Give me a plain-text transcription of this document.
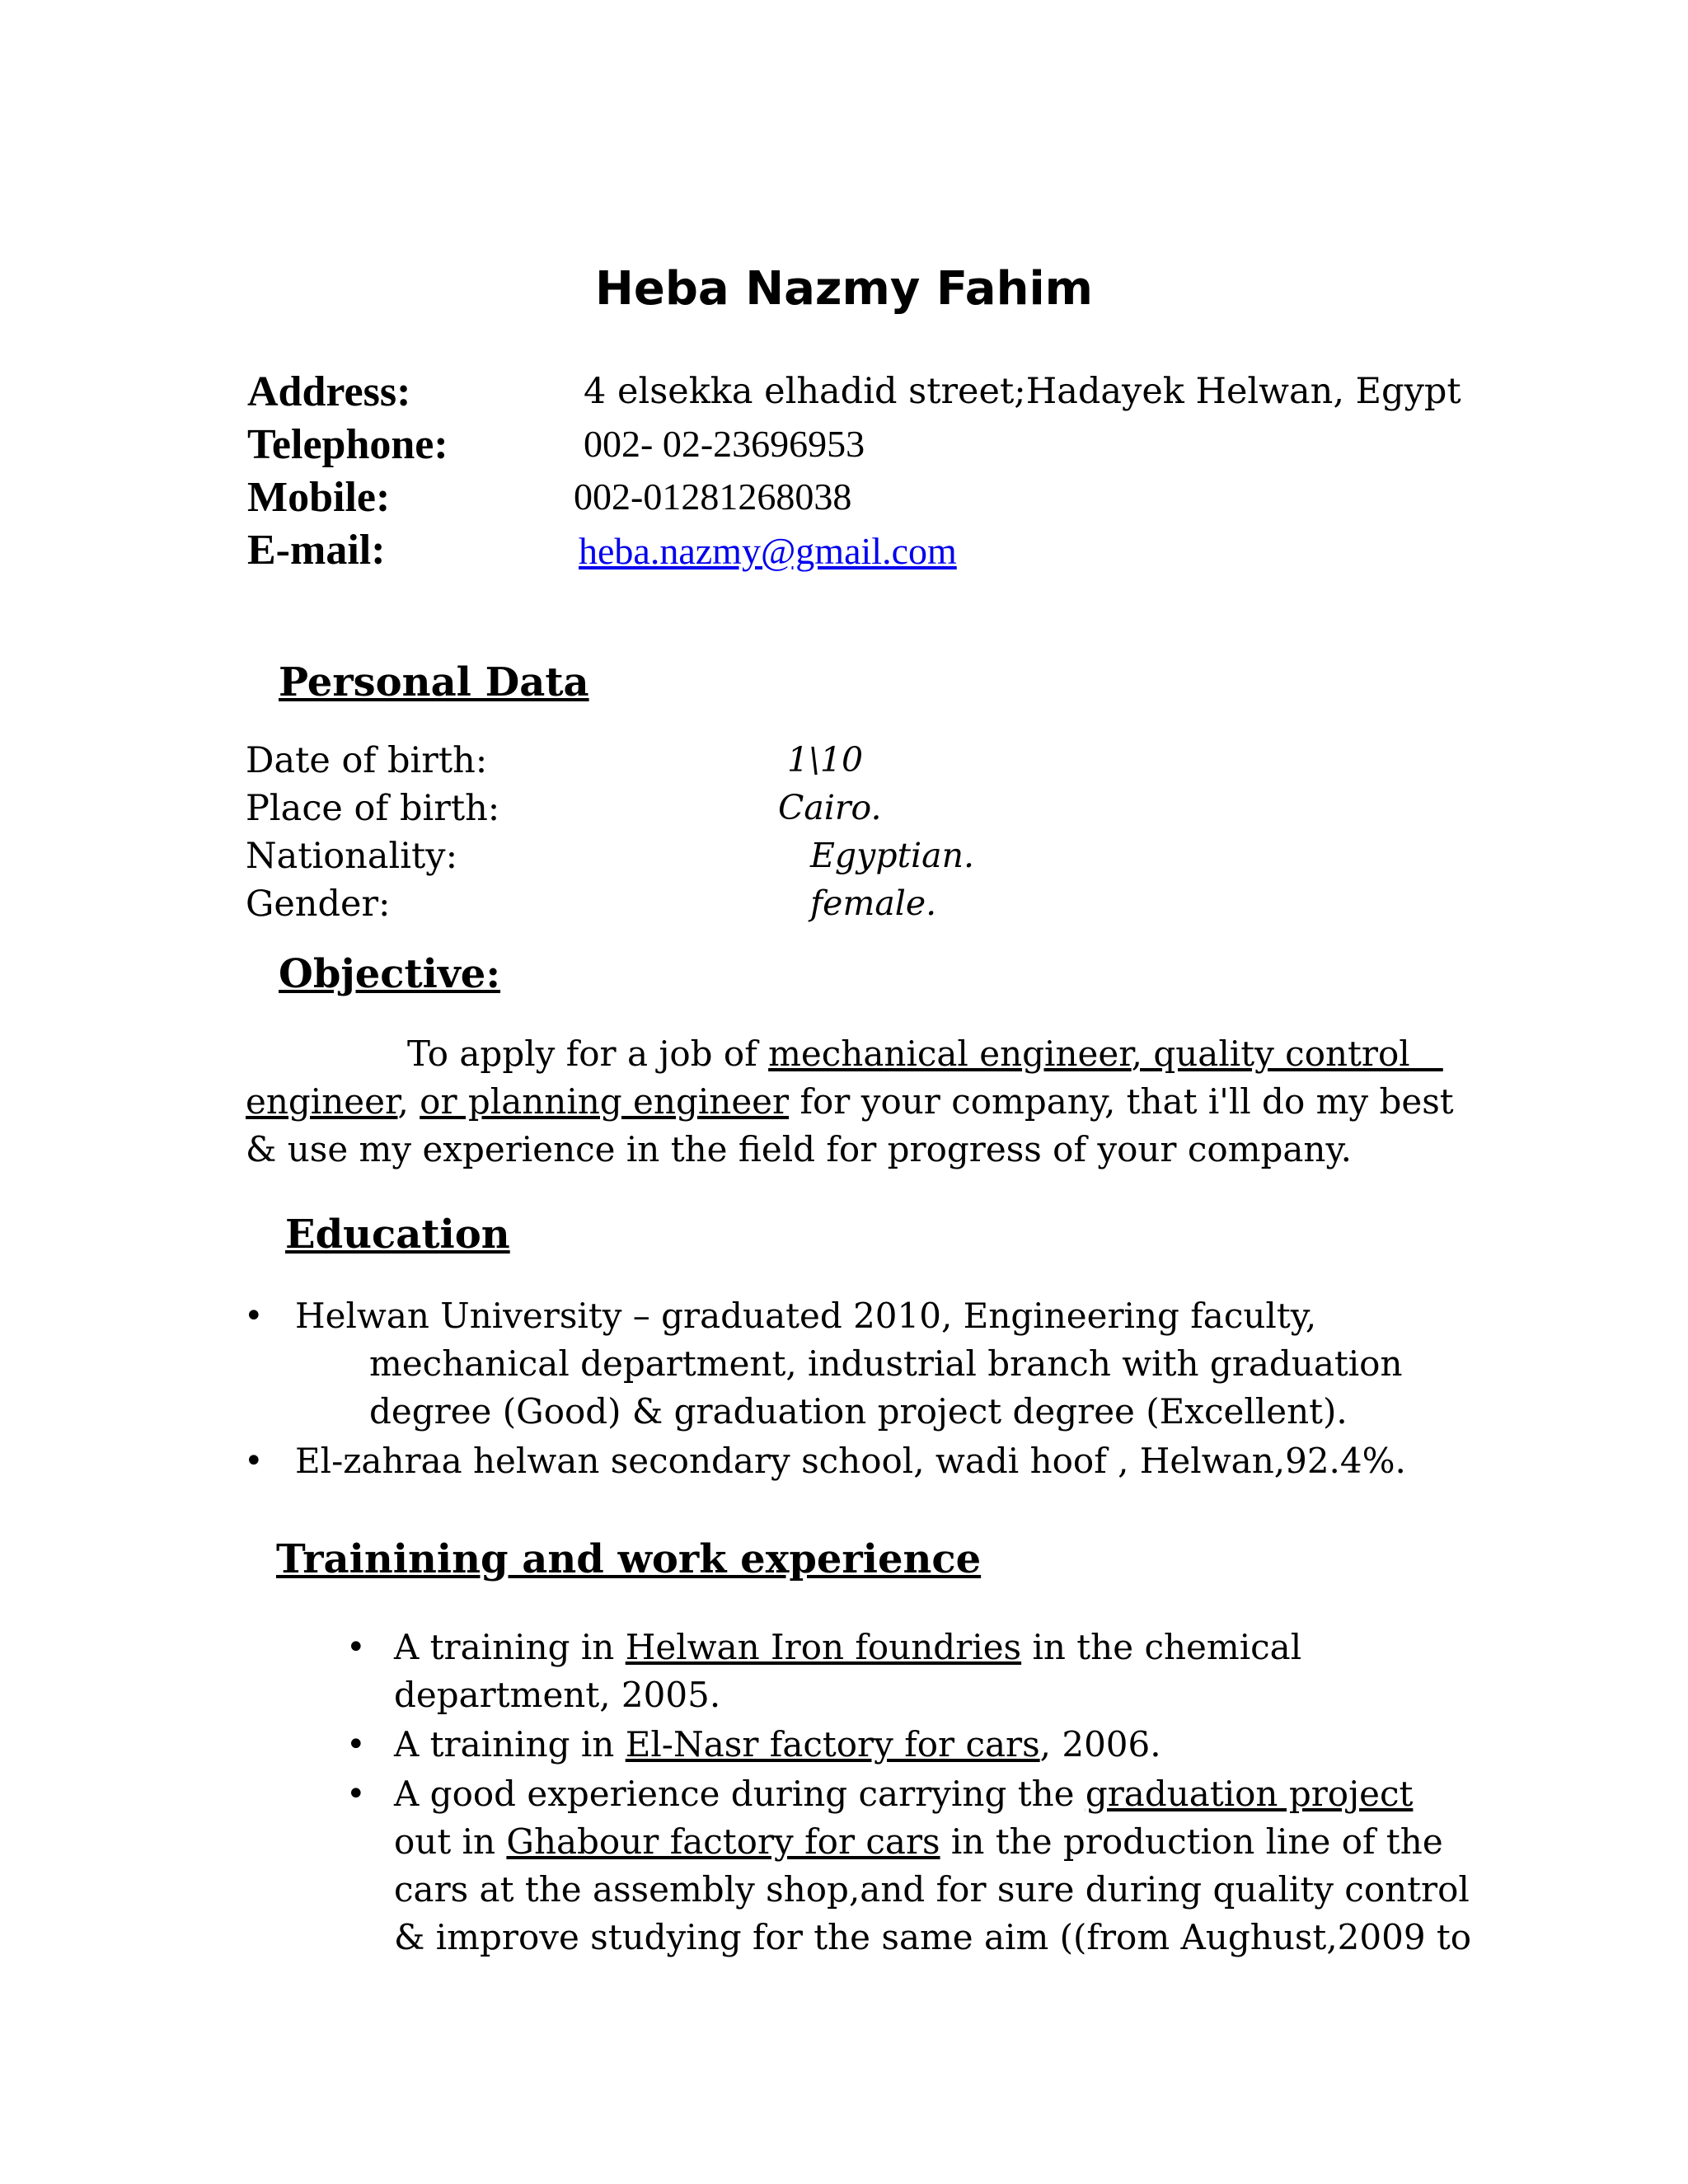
Heba Nazmy Fahim
Address:	4 elsekka elhadid street;Hadayek Helwan, Egypt
Telephone:	002- 02-23696953
Mobile:	002-01281268038
E-mail:	heba.nazmy@gmail.com
Personal Data
Date of birth:	1\10
Place of birth:	Cairo.
Nationality:	Egyptian.
Gender:	female.
Objective:
To apply for a job of mechanical engineer, quality control
engineer, or planning engineer for your company, that i'll do my best
& use my experience in the field for progress of your company.
Education
• Helwan University – graduated 2010, Engineering faculty,
mechanical department, industrial branch with graduation
degree (Good) & graduation project degree (Excellent).
• El-zahraa helwan secondary school, wadi hoof , Helwan,92.4%.
Trainining and work experience
• A training in Helwan Iron foundries in the chemical
department, 2005.
• A training in El-Nasr factory for cars, 2006.
• A good experience during carrying the graduation project
out in Ghabour factory for cars in the production line of the
cars at the assembly shop,and for sure during quality control
& improve studying for the same aim ((from Aughust,2009 to
